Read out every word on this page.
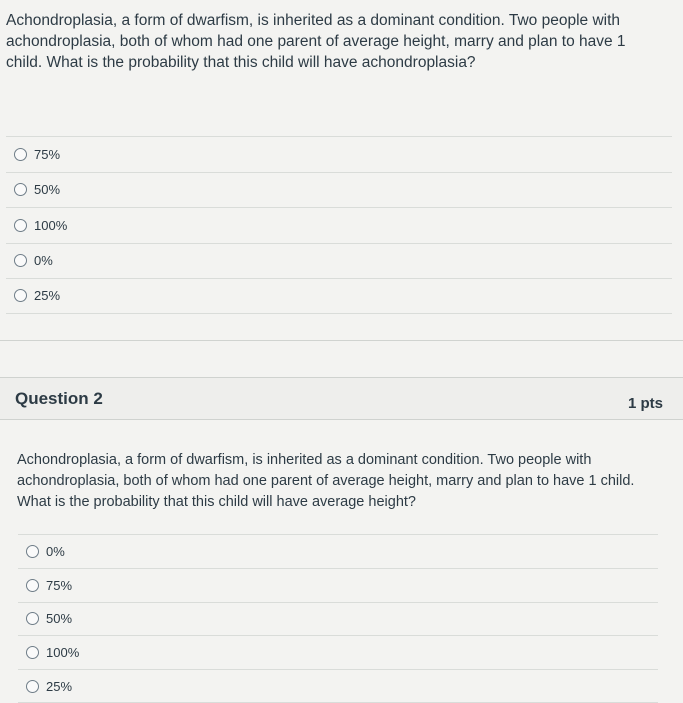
Achondroplasia, a form of dwarfism, is inherited as a dominant condition. Two people with achondroplasia, both of whom had one parent of average height, marry and plan to have 1 child. What is the probability that this child will have achondroplasia?
75%
50%
100%
0%
25%
Question 2	1 pts
Achondroplasia, a form of dwarfism, is inherited as a dominant condition. Two people with achondroplasia, both of whom had one parent of average height, marry and plan to have 1 child. What is the probability that this child will have average height?
0%
75%
50%
100%
25%
